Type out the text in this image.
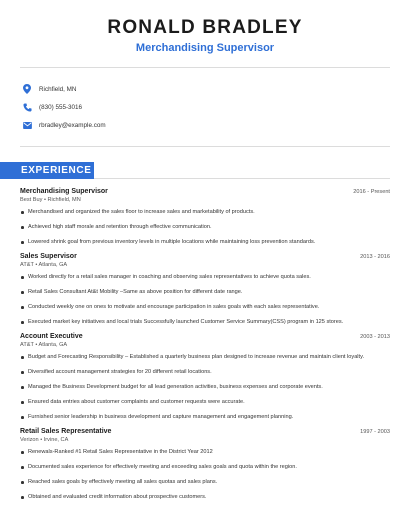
RONALD BRADLEY
Merchandising Supervisor
Richfield, MN
(830) 555-3016
rbradley@example.com
EXPERIENCE
Merchandising Supervisor	2016 - Present
Best Buy • Richfield, MN
Merchandised and organized the sales floor to increase sales and marketability of products.
Achieved high staff morale and retention through effective communication.
Lowered shrink goal from previous inventory levels in multiple locations while maintaining loss prevention standards.
Sales Supervisor	2013 - 2016
AT&T • Atlanta, GA
Worked directly for a retail sales manager in coaching and observing sales representatives to achieve quota sales.
Retail Sales Consultant At&t Mobility –Same as above position for different date range.
Conducted weekly one on ones to motivate and encourage participation in sales goals with each sales representative.
Executed market key initiatives and local trials Successfully launched Customer Service Summary(CSS) program in 125 stores.
Account Executive	2003 - 2013
AT&T • Atlanta, GA
Budget and Forecasting Responsibility – Established a quarterly business plan designed to increase revenue and maintain client loyalty.
Diversified account management strategies for 20 different retail locations.
Managed the Business Development budget for all lead generation activities, business expenses and corporate events.
Ensured data entries about customer complaints and customer requests were accurate.
Furnished senior leadership in business development and capture management and engagement planning.
Retail Sales Representative	1997 - 2003
Verizon • Irvine, CA
Renewals-Ranked #1 Retail Sales Representative in the District Year 2012
Documented sales experience for effectively meeting and exceeding sales goals and quota within the region.
Reached sales goals by effectively meeting all sales quotas and sales plans.
Obtained and evaluated credit information about prospective customers.
